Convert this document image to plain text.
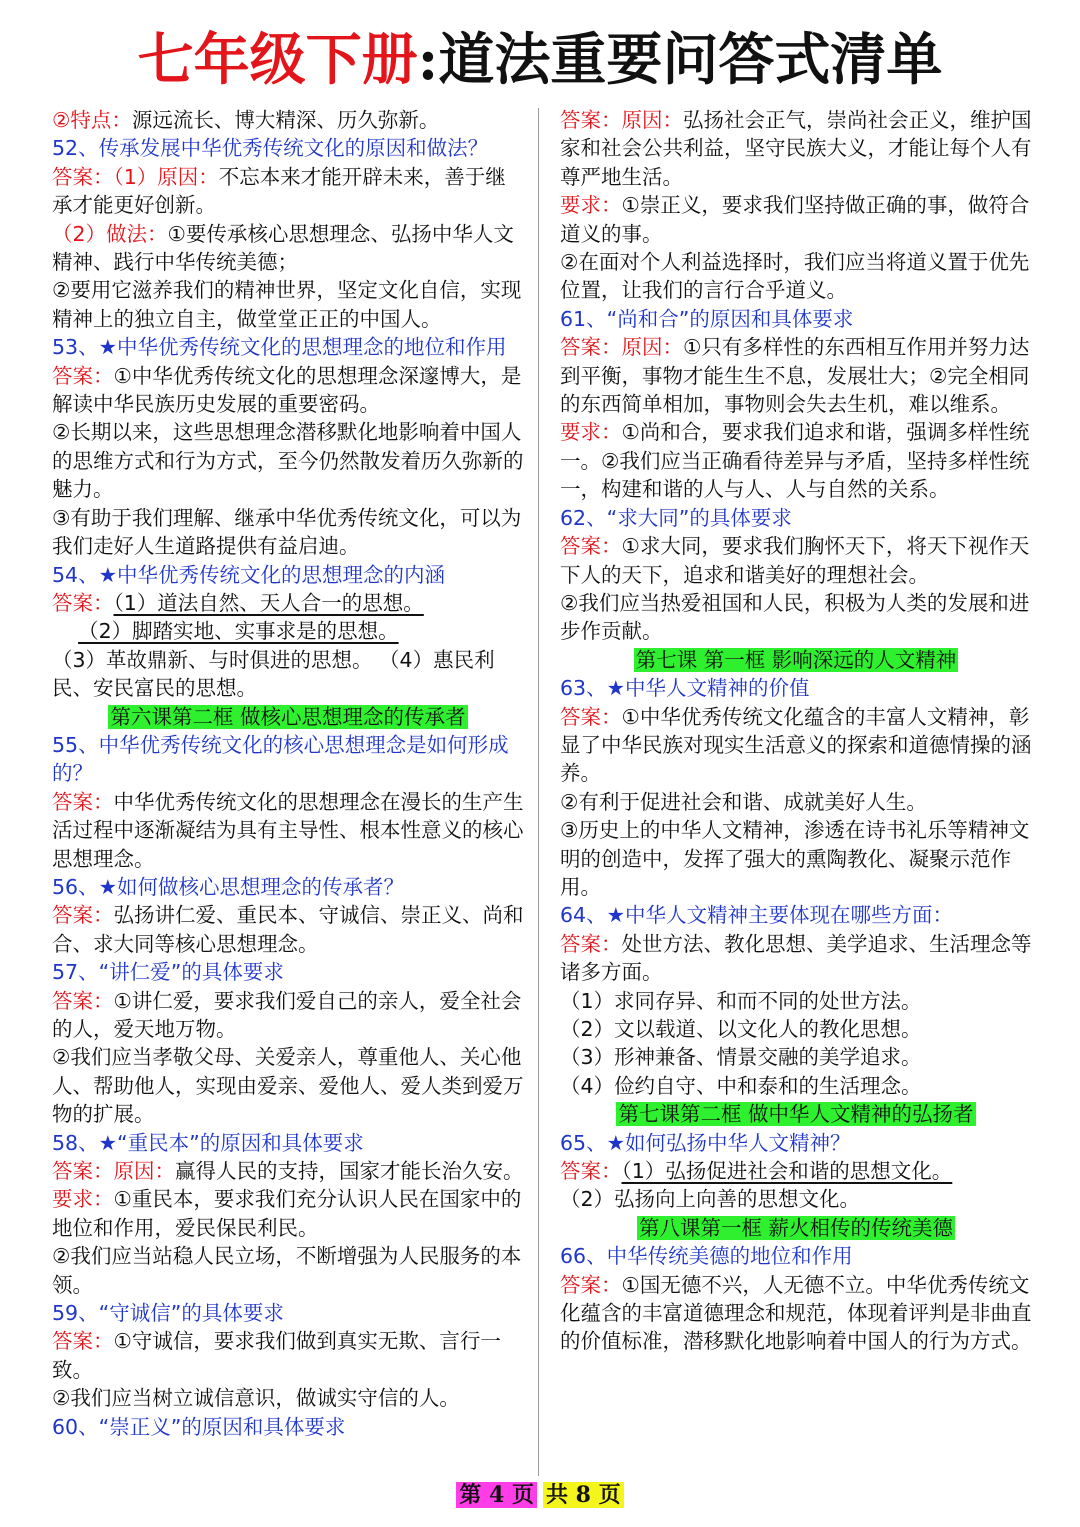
七年级下册:道法重要问答式清单

②特点：源远流长、博大精深、历久弥新。

52、传承发展中华优秀传统文化的原因和做法？

答案：（1）原因：不忘本来才能开辟未来，善于继承才能更好创新。

（2）做法：①要传承核心思想理念、弘扬中华人文精神、践行中华传统美德；

②要用它滋养我们的精神世界，坚定文化自信，实现精神上的独立自主，做堂堂正正的中国人。

53、★中华优秀传统文化的思想理念的地位和作用

答案：①中华优秀传统文化的思想理念深邃博大，是解读中华民族历史发展的重要密码。

②长期以来，这些思想理念潜移默化地影响着中国人的思维方式和行为方式，至今仍然散发着历久弥新的魅力。

③有助于我们理解、继承中华优秀传统文化，可以为我们走好人生道路提供有益启迪。

54、★中华优秀传统文化的思想理念的内涵

答案：（1）道法自然、天人合一的思想。

（2）脚踏实地、实事求是的思想。

（3）革故鼎新、与时俱进的思想。 （4）惠民利民、安民富民的思想。

第六课第二框 做核心思想理念的传承者

55、中华优秀传统文化的核心思想理念是如何形成的？

答案：中华优秀传统文化的思想理念在漫长的生产生活过程中逐渐凝结为具有主导性、根本性意义的核心思想理念。

56、★如何做核心思想理念的传承者？

答案：弘扬讲仁爱、重民本、守诚信、崇正义、尚和合、求大同等核心思想理念。

57、“讲仁爱”的具体要求

答案：①讲仁爱，要求我们爱自己的亲人，爱全社会的人，爱天地万物。

②我们应当孝敬父母、关爱亲人，尊重他人、关心他人、帮助他人，实现由爱亲、爱他人、爱人类到爱万物的扩展。

58、★“重民本”的原因和具体要求

答案：原因：赢得人民的支持，国家才能长治久安。

要求：①重民本，要求我们充分认识人民在国家中的地位和作用，爱民保民利民。

②我们应当站稳人民立场，不断增强为人民服务的本领。

59、“守诚信”的具体要求

答案：①守诚信，要求我们做到真实无欺、言行一致。

②我们应当树立诚信意识，做诚实守信的人。

60、“崇正义”的原因和具体要求

答案：原因：弘扬社会正气，崇尚社会正义，维护国家和社会公共利益，坚守民族大义，才能让每个人有尊严地生活。

要求：①崇正义，要求我们坚持做正确的事，做符合道义的事。

②在面对个人利益选择时，我们应当将道义置于优先位置，让我们的言行合乎道义。

61、“尚和合”的原因和具体要求

答案：原因：①只有多样性的东西相互作用并努力达到平衡，事物才能生生不息，发展壮大；②完全相同的东西简单相加，事物则会失去生机，难以维系。

要求：①尚和合，要求我们追求和谐，强调多样性统一。②我们应当正确看待差异与矛盾，坚持多样性统一，构建和谐的人与人、人与自然的关系。

62、“求大同”的具体要求

答案：①求大同，要求我们胸怀天下，将天下视作天下人的天下，追求和谐美好的理想社会。

②我们应当热爱祖国和人民，积极为人类的发展和进步作贡献。

第七课 第一框 影响深远的人文精神

63、★中华人文精神的价值

答案：①中华优秀传统文化蕴含的丰富人文精神，彰显了中华民族对现实生活意义的探索和道德情操的涵养。

②有利于促进社会和谐、成就美好人生。

③历史上的中华人文精神，渗透在诗书礼乐等精神文明的创造中，发挥了强大的熏陶教化、凝聚示范作用。

64、★中华人文精神主要体现在哪些方面：

答案：处世方法、教化思想、美学追求、生活理念等诸多方面。

（1）求同存异、和而不同的处世方法。

（2）文以载道、以文化人的教化思想。

（3）形神兼备、情景交融的美学追求。

（4）俭约自守、中和泰和的生活理念。

第七课第二框 做中华人文精神的弘扬者

65、★如何弘扬中华人文精神？

答案：（1）弘扬促进社会和谐的思想文化。

（2）弘扬向上向善的思想文化。

第八课第一框 薪火相传的传统美德

66、中华传统美德的地位和作用

答案：①国无德不兴，人无德不立。中华优秀传统文化蕴含的丰富道德理念和规范，体现着评判是非曲直的价值标准，潜移默化地影响着中国人的行为方式。

第 4 页 共 8 页
